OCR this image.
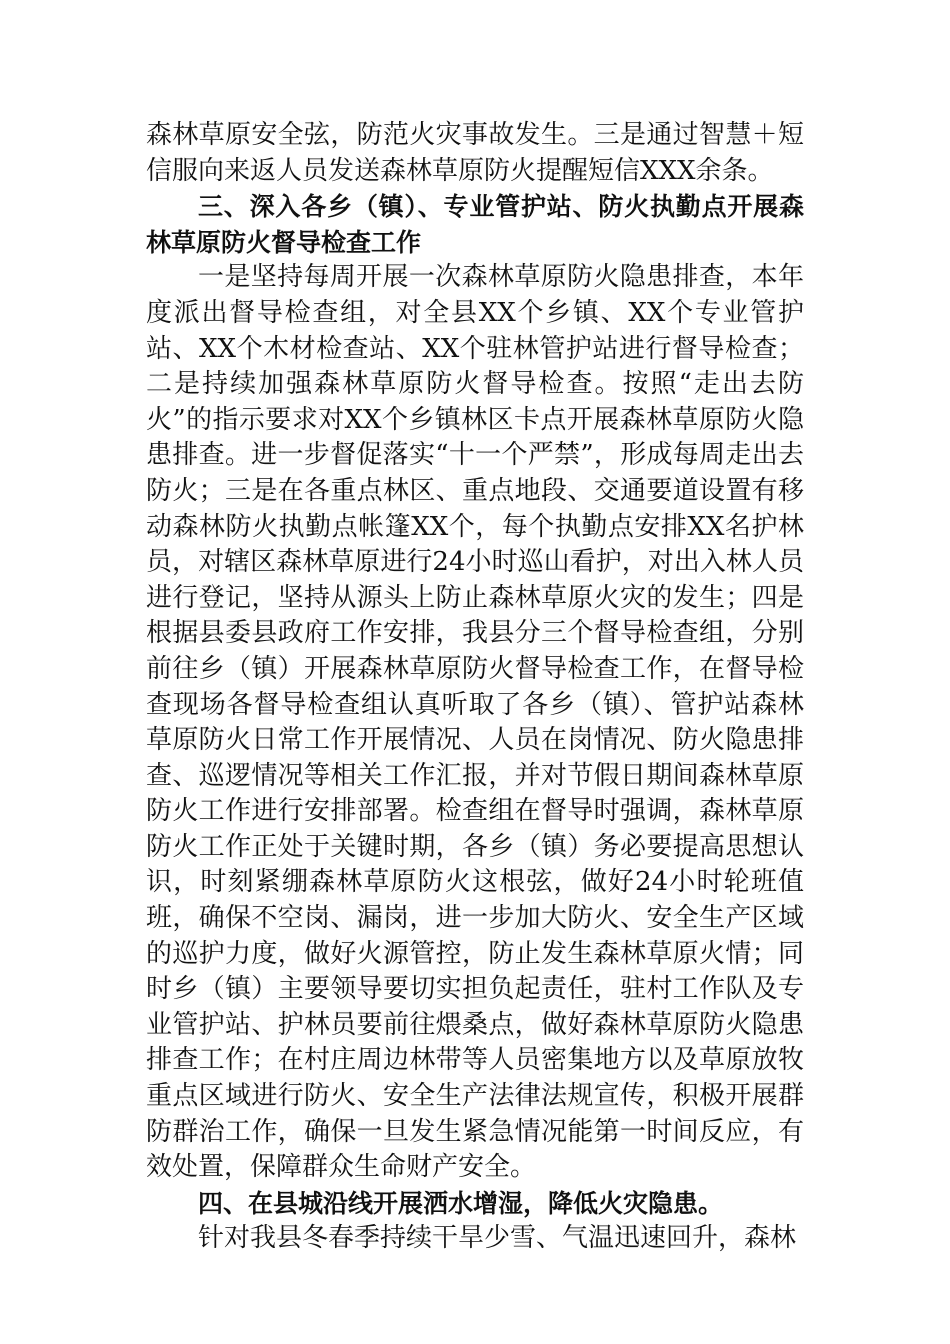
森林草原安全弦，防范火灾事故发生。三是通过智慧＋短信服向来返人员发送森林草原防火提醒短信XXX余条。

三、深入各乡（镇）、专业管护站、防火执勤点开展森林草原防火督导检查工作

一是坚持每周开展一次森林草原防火隐患排查，本年度派出督导检查组，对全县XX个乡镇、XX个专业管护站、XX个木材检查站、XX个驻林管护站进行督导检查；二是持续加强森林草原防火督导检查。按照“走出去防火”的指示要求对XX个乡镇林区卡点开展森林草原防火隐患排查。进一步督促落实“十一个严禁”，形成每周走出去防火；三是在各重点林区、重点地段、交通要道设置有移动森林防火执勤点帐篷XX个，每个执勤点安排XX名护林员，对辖区森林草原进行24小时巡山看护，对出入林人员进行登记，坚持从源头上防止森林草原火灾的发生；四是根据县委县政府工作安排，我县分三个督导检查组，分别前往乡（镇）开展森林草原防火督导检查工作，在督导检查现场各督导检查组认真听取了各乡（镇）、管护站森林草原防火日常工作开展情况、人员在岗情况、防火隐患排查、巡逻情况等相关工作汇报，并对节假日期间森林草原防火工作进行安排部署。检查组在督导时强调，森林草原防火工作正处于关键时期，各乡（镇）务必要提高思想认识，时刻紧绷森林草原防火这根弦，做好24小时轮班值班，确保不空岗、漏岗，进一步加大防火、安全生产区域的巡护力度，做好火源管控，防止发生森林草原火情；同时乡（镇）主要领导要切实担负起责任，驻村工作队及专业管护站、护林员要前往煨桑点，做好森林草原防火隐患排查工作；在村庄周边林带等人员密集地方以及草原放牧重点区域进行防火、安全生产法律法规宣传，积极开展群防群治工作，确保一旦发生紧急情况能第一时间反应，有效处置，保障群众生命财产安全。

四、在县城沿线开展洒水增湿，降低火灾隐患。

针对我县冬春季持续干旱少雪、气温迅速回升，森林
